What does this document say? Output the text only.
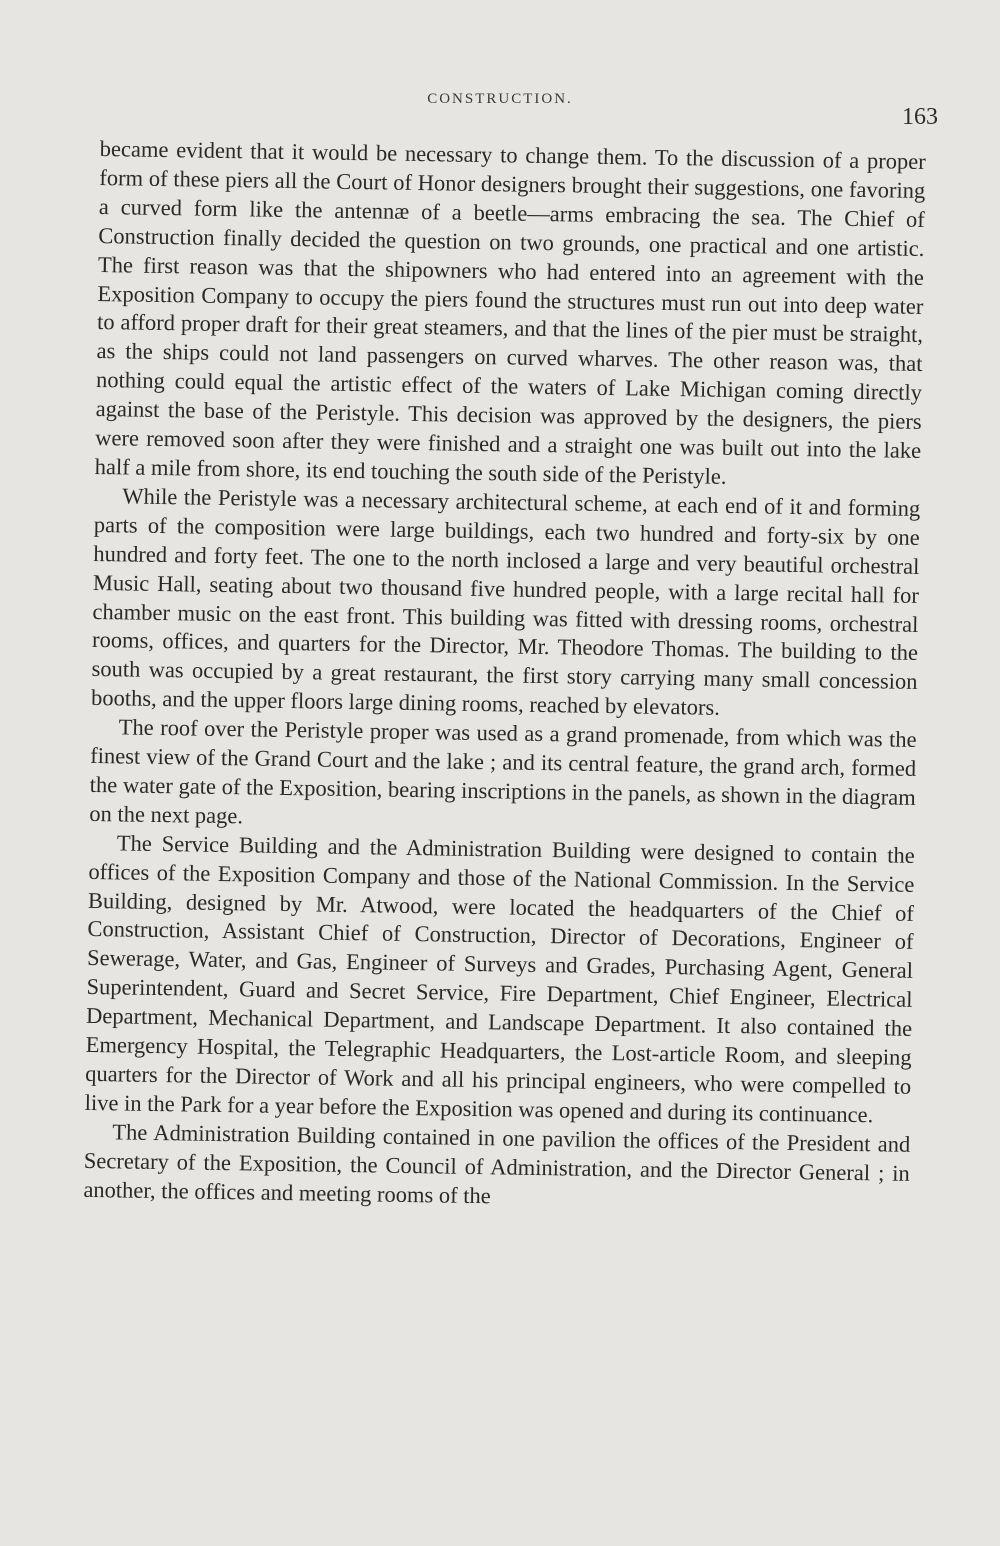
CONSTRUCTION.
163

became evident that it would be necessary to change them. To the discussion of a proper form of these piers all the Court of Honor designers brought their suggestions, one favoring a curved form like the antennæ of a beetle—arms embracing the sea. The Chief of Construction finally decided the question on two grounds, one practical and one artistic. The first reason was that the shipowners who had entered into an agreement with the Exposition Company to occupy the piers found the structures must run out into deep water to afford proper draft for their great steamers, and that the lines of the pier must be straight, as the ships could not land passengers on curved wharves. The other reason was, that nothing could equal the artistic effect of the waters of Lake Michigan coming directly against the base of the Peristyle. This decision was approved by the designers, the piers were removed soon after they were finished and a straight one was built out into the lake half a mile from shore, its end touching the south side of the Peristyle.

While the Peristyle was a necessary architectural scheme, at each end of it and forming parts of the composition were large buildings, each two hundred and forty-six by one hundred and forty feet. The one to the north inclosed a large and very beautiful orchestral Music Hall, seating about two thousand five hundred people, with a large recital hall for chamber music on the east front. This building was fitted with dressing rooms, orchestral rooms, offices, and quarters for the Director, Mr. Theodore Thomas. The building to the south was occupied by a great restaurant, the first story carrying many small concession booths, and the upper floors large dining rooms, reached by elevators.

The roof over the Peristyle proper was used as a grand promenade, from which was the finest view of the Grand Court and the lake ; and its central feature, the grand arch, formed the water gate of the Exposition, bearing inscriptions in the panels, as shown in the diagram on the next page.

The Service Building and the Administration Building were designed to contain the offices of the Exposition Company and those of the National Commission. In the Service Building, designed by Mr. Atwood, were located the headquarters of the Chief of Construction, Assistant Chief of Construction, Director of Decorations, Engineer of Sewerage, Water, and Gas, Engineer of Surveys and Grades, Purchasing Agent, General Superintendent, Guard and Secret Service, Fire Department, Chief Engineer, Electrical Department, Mechanical Department, and Landscape Department. It also contained the Emergency Hospital, the Telegraphic Headquarters, the Lost-article Room, and sleeping quarters for the Director of Work and all his principal engineers, who were compelled to live in the Park for a year before the Exposition was opened and during its continuance.

The Administration Building contained in one pavilion the offices of the President and Secretary of the Exposition, the Council of Administration, and the Director General ; in another, the offices and meeting rooms of the
